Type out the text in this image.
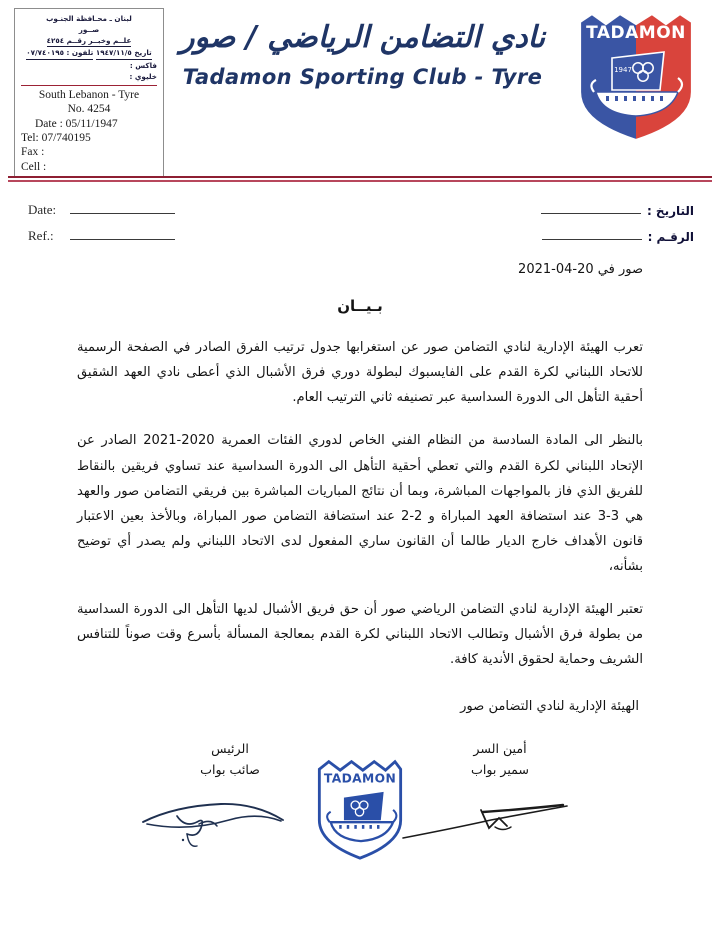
لبنان ـ محـافظة الجنـوب
صــور
علــم وخبــر رقــم ٤٢٥٤ تاريخ ١٩٤٧/١١/٥ تلفون : ٠٧/٧٤٠١٩٥
فاكس :
خليوي :
South Lebanon - Tyre
No. 4254
Date : 05/11/1947
Tel: 07/740195
Fax :
Cell :
نادي التضامن الرياضي / صور
Tadamon Sporting Club - Tyre
TADAMON
1947
Date:
Ref.:
التاريخ :
الرقـم :
صور في 20-04-2021
بـيــان

تعرب الهيئة الإدارية لنادي التضامن صور عن استغرابها جدول ترتيب الفرق الصادر في الصفحة الرسمية للاتحاد اللبناني لكرة القدم على الفايسبوك لبطولة دوري فرق الأشبال الذي أعطى نادي العهد الشقيق أحقية التأهل الى الدورة السداسية عبر تصنيفه ثاني الترتيب العام.

بالنظر الى المادة السادسة من النظام الفني الخاص لدوري الفئات العمرية 2020-2021 الصادر عن الإتحاد اللبناني لكرة القدم والتي تعطي أحقية التأهل الى الدورة السداسية عند تساوي فريقين بالنقاط للفريق الذي فاز بالمواجهات المباشرة، وبما أن نتائج المباريات المباشرة بين فريقي التضامن صور والعهد هي 3-3 عند استضافة العهد المباراة و 2-2 عند استضافة التضامن صور المباراة، وبالأخذ بعين الاعتبار قانون الأهداف خارج الديار طالما أن القانون ساري المفعول لدى الاتحاد اللبناني ولم يصدر أي توضيح بشأنه،

تعتبر الهيئة الإدارية لنادي التضامن الرياضي صور أن حق فريق الأشبال لديها التأهل الى الدورة السداسية من بطولة فرق الأشبال وتطالب الاتحاد اللبناني لكرة القدم بمعالجة المسألة بأسرع وقت صوناً للتنافس الشريف وحماية لحقوق الأندية كافة.

الهيئة الإدارية لنادي التضامن صور
أمين السر
سمير بواب
الرئيس
صائب بواب
TADAMON
